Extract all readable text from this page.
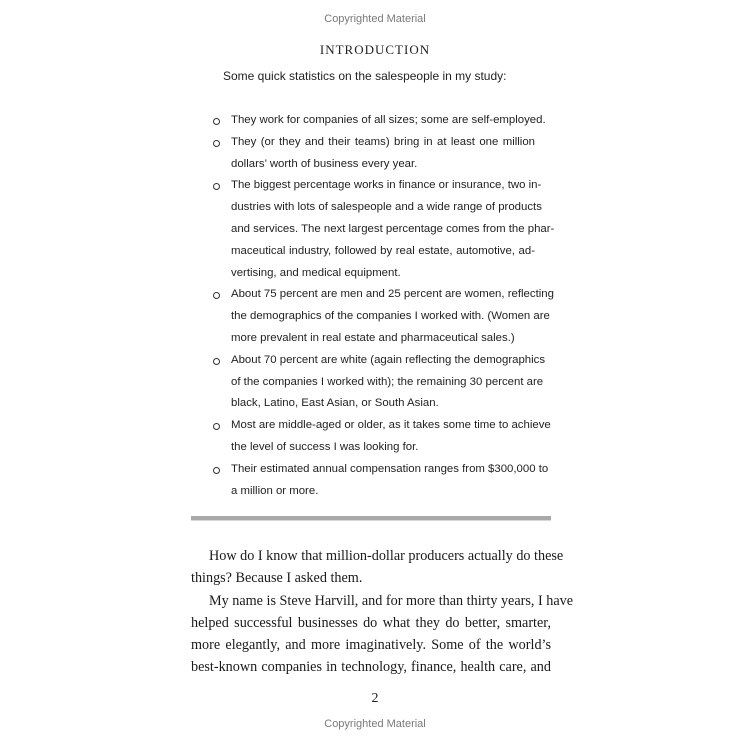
Copyrighted Material
INTRODUCTION
Some quick statistics on the salespeople in my study:
They work for companies of all sizes; some are self-employed.
They (or they and their teams) bring in at least one million
dollars’ worth of business every year.
The biggest percentage works in finance or insurance, two in-
dustries with lots of salespeople and a wide range of products
and services. The next largest percentage comes from the phar-
maceutical industry, followed by real estate, automotive, ad-
vertising, and medical equipment.
About 75 percent are men and 25 percent are women, reflecting
the demographics of the companies I worked with. (Women are
more prevalent in real estate and pharmaceutical sales.)
About 70 percent are white (again reflecting the demographics
of the companies I worked with); the remaining 30 percent are
black, Latino, East Asian, or South Asian.
Most are middle-aged or older, as it takes some time to achieve
the level of success I was looking for.
Their estimated annual compensation ranges from $300,000 to
a million or more.
How do I know that million-dollar producers actually do these
things? Because I asked them.
My name is Steve Harvill, and for more than thirty years, I have
helped successful businesses do what they do better, smarter,
more elegantly, and more imaginatively. Some of the world’s
best-known companies in technology, finance, health care, and
2
Copyrighted Material
